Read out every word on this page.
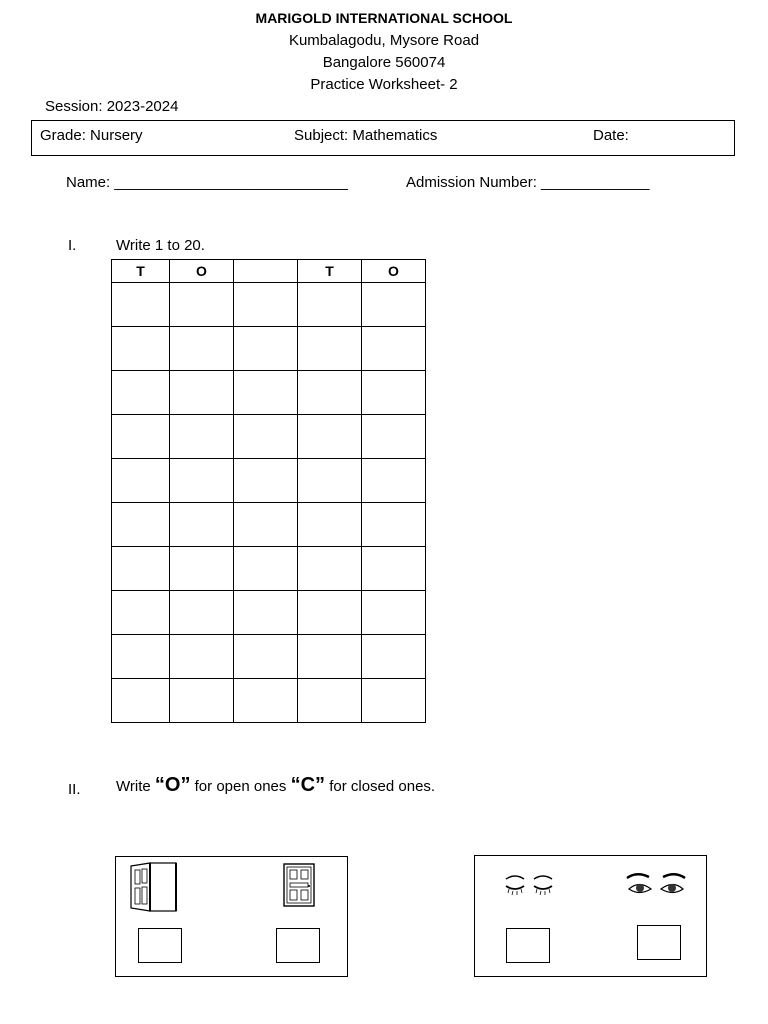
MARIGOLD INTERNATIONAL SCHOOL
Kumbalagodu, Mysore Road
Bangalore 560074
Practice Worksheet- 2
Session: 2023-2024
Grade: Nursery	Subject: Mathematics	Date:
Name: ____________________________	Admission Number: _____________
I.	Write 1 to 20.
T	O		T	O

II. Write “O” for open ones “C” for closed ones.
